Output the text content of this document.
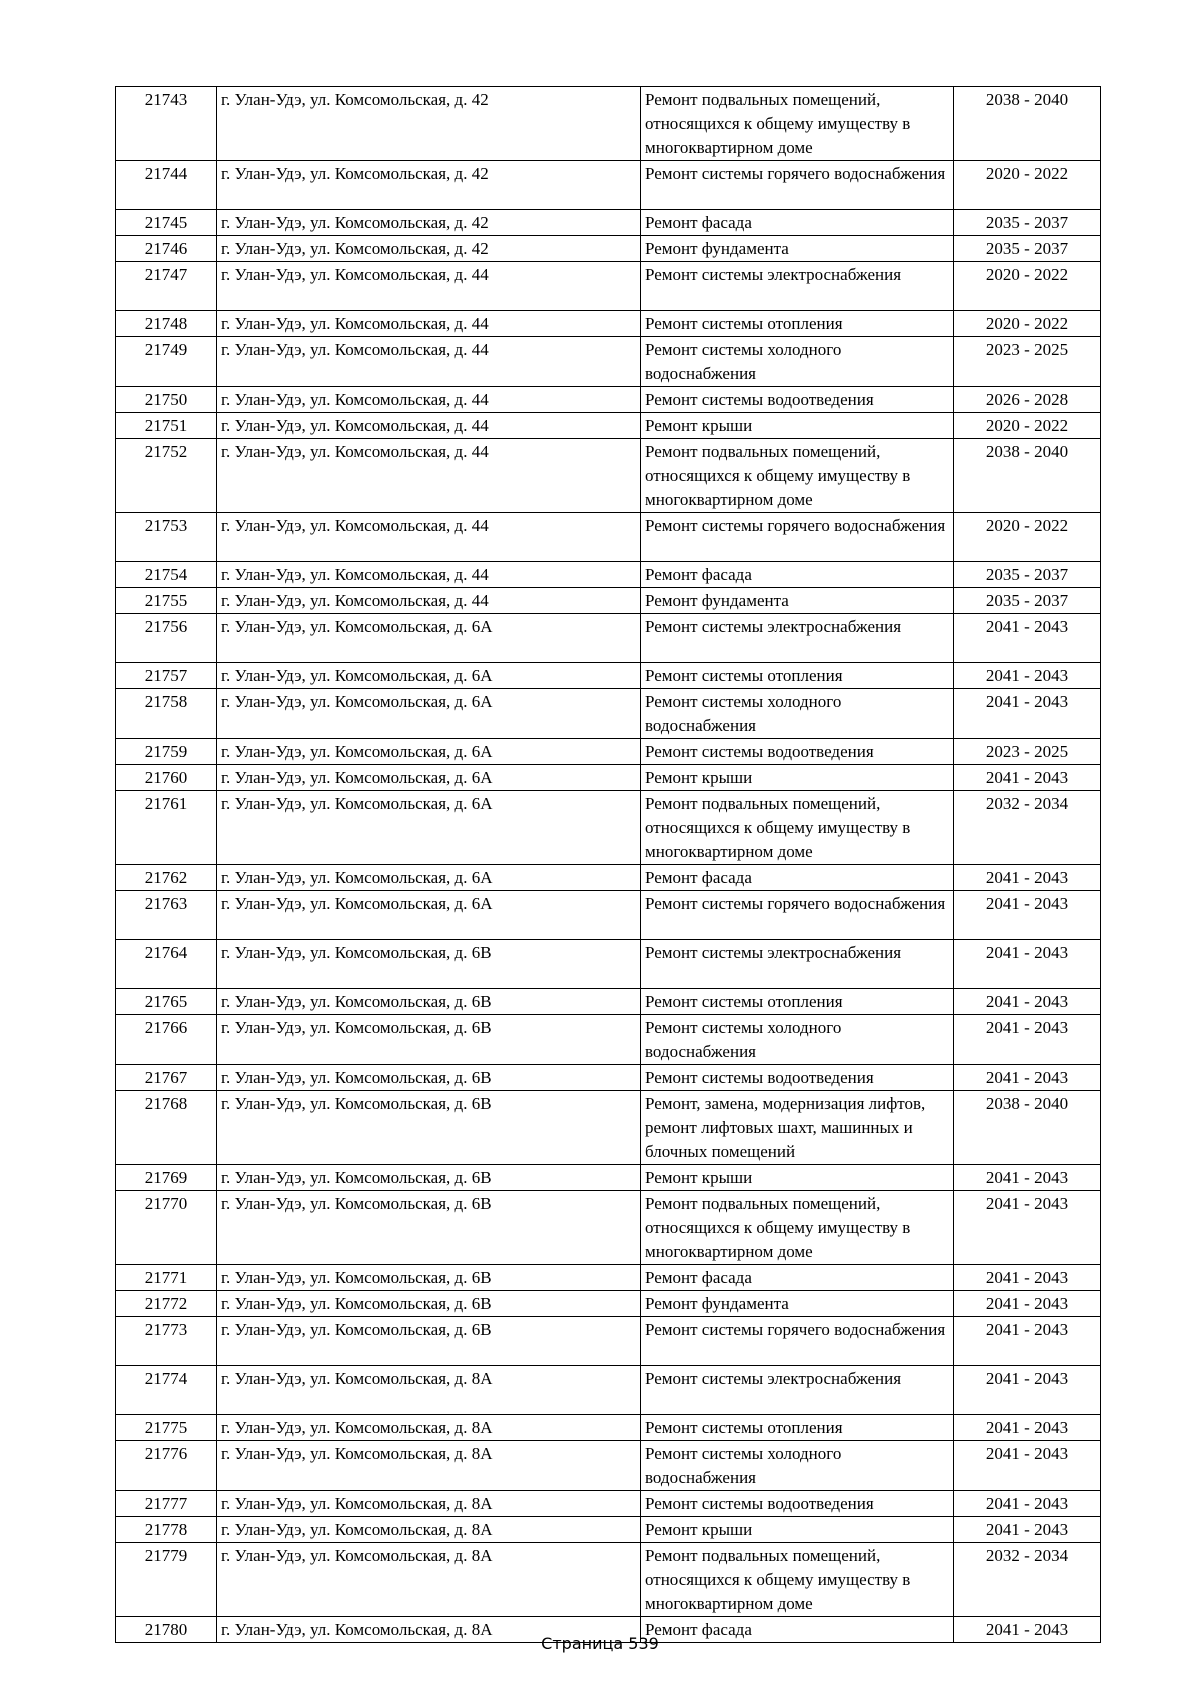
21743	г. Улан-Удэ, ул. Комсомольская, д. 42	Ремонт подвальных помещений, относящихся к общему имуществу в многоквартирном доме	2038 - 2040
21744	г. Улан-Удэ, ул. Комсомольская, д. 42	Ремонт системы горячего водоснабжения	2020 - 2022
21745	г. Улан-Удэ, ул. Комсомольская, д. 42	Ремонт фасада	2035 - 2037
21746	г. Улан-Удэ, ул. Комсомольская, д. 42	Ремонт фундамента	2035 - 2037
21747	г. Улан-Удэ, ул. Комсомольская, д. 44	Ремонт системы электроснабжения	2020 - 2022
21748	г. Улан-Удэ, ул. Комсомольская, д. 44	Ремонт системы отопления	2020 - 2022
21749	г. Улан-Удэ, ул. Комсомольская, д. 44	Ремонт системы холодного водоснабжения	2023 - 2025
21750	г. Улан-Удэ, ул. Комсомольская, д. 44	Ремонт системы водоотведения	2026 - 2028
21751	г. Улан-Удэ, ул. Комсомольская, д. 44	Ремонт крыши	2020 - 2022
21752	г. Улан-Удэ, ул. Комсомольская, д. 44	Ремонт подвальных помещений, относящихся к общему имуществу в многоквартирном доме	2038 - 2040
21753	г. Улан-Удэ, ул. Комсомольская, д. 44	Ремонт системы горячего водоснабжения	2020 - 2022
21754	г. Улан-Удэ, ул. Комсомольская, д. 44	Ремонт фасада	2035 - 2037
21755	г. Улан-Удэ, ул. Комсомольская, д. 44	Ремонт фундамента	2035 - 2037
21756	г. Улан-Удэ, ул. Комсомольская, д. 6А	Ремонт системы электроснабжения	2041 - 2043
21757	г. Улан-Удэ, ул. Комсомольская, д. 6А	Ремонт системы отопления	2041 - 2043
21758	г. Улан-Удэ, ул. Комсомольская, д. 6А	Ремонт системы холодного водоснабжения	2041 - 2043
21759	г. Улан-Удэ, ул. Комсомольская, д. 6А	Ремонт системы водоотведения	2023 - 2025
21760	г. Улан-Удэ, ул. Комсомольская, д. 6А	Ремонт крыши	2041 - 2043
21761	г. Улан-Удэ, ул. Комсомольская, д. 6А	Ремонт подвальных помещений, относящихся к общему имуществу в многоквартирном доме	2032 - 2034
21762	г. Улан-Удэ, ул. Комсомольская, д. 6А	Ремонт фасада	2041 - 2043
21763	г. Улан-Удэ, ул. Комсомольская, д. 6А	Ремонт системы горячего водоснабжения	2041 - 2043
21764	г. Улан-Удэ, ул. Комсомольская, д. 6В	Ремонт системы электроснабжения	2041 - 2043
21765	г. Улан-Удэ, ул. Комсомольская, д. 6В	Ремонт системы отопления	2041 - 2043
21766	г. Улан-Удэ, ул. Комсомольская, д. 6В	Ремонт системы холодного водоснабжения	2041 - 2043
21767	г. Улан-Удэ, ул. Комсомольская, д. 6В	Ремонт системы водоотведения	2041 - 2043
21768	г. Улан-Удэ, ул. Комсомольская, д. 6В	Ремонт, замена, модернизация лифтов, ремонт лифтовых шахт, машинных и блочных помещений	2038 - 2040
21769	г. Улан-Удэ, ул. Комсомольская, д. 6В	Ремонт крыши	2041 - 2043
21770	г. Улан-Удэ, ул. Комсомольская, д. 6В	Ремонт подвальных помещений, относящихся к общему имуществу в многоквартирном доме	2041 - 2043
21771	г. Улан-Удэ, ул. Комсомольская, д. 6В	Ремонт фасада	2041 - 2043
21772	г. Улан-Удэ, ул. Комсомольская, д. 6В	Ремонт фундамента	2041 - 2043
21773	г. Улан-Удэ, ул. Комсомольская, д. 6В	Ремонт системы горячего водоснабжения	2041 - 2043
21774	г. Улан-Удэ, ул. Комсомольская, д. 8А	Ремонт системы электроснабжения	2041 - 2043
21775	г. Улан-Удэ, ул. Комсомольская, д. 8А	Ремонт системы отопления	2041 - 2043
21776	г. Улан-Удэ, ул. Комсомольская, д. 8А	Ремонт системы холодного водоснабжения	2041 - 2043
21777	г. Улан-Удэ, ул. Комсомольская, д. 8А	Ремонт системы водоотведения	2041 - 2043
21778	г. Улан-Удэ, ул. Комсомольская, д. 8А	Ремонт крыши	2041 - 2043
21779	г. Улан-Удэ, ул. Комсомольская, д. 8А	Ремонт подвальных помещений, относящихся к общему имуществу в многоквартирном доме	2032 - 2034
21780	г. Улан-Удэ, ул. Комсомольская, д. 8А	Ремонт фасада	2041 - 2043
Страница 539
